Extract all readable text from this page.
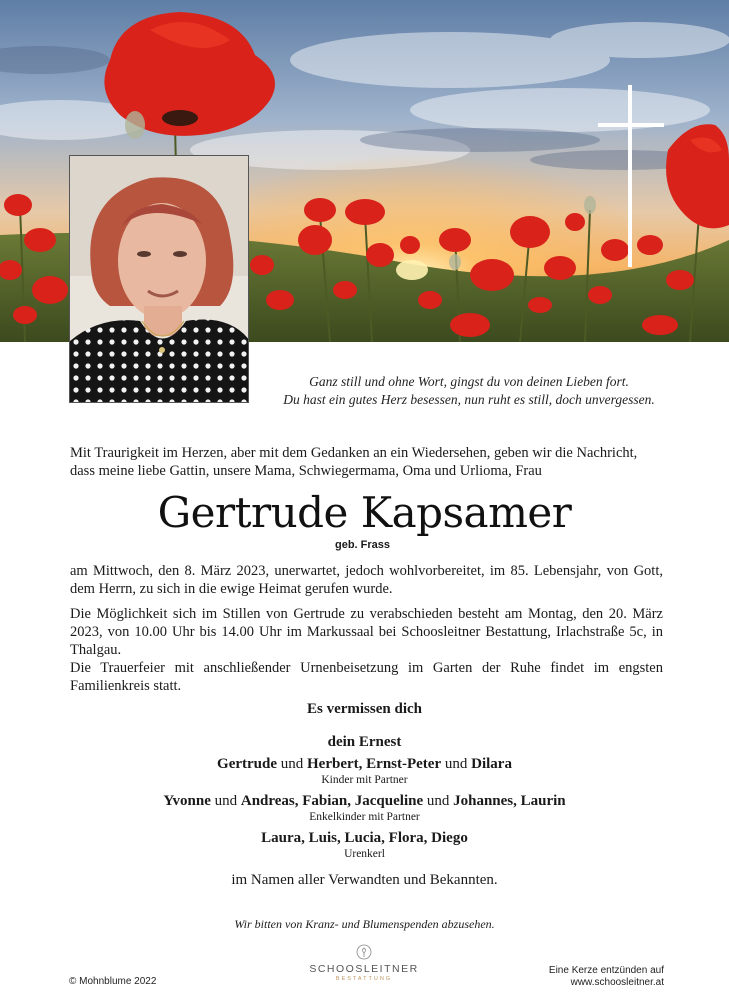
Ganz still und ohne Wort, gingst du von deinen Lieben fort.
Du hast ein gutes Herz besessen, nun ruht es still, doch unvergessen.
Mit Traurigkeit im Herzen, aber mit dem Gedanken an ein Wiedersehen, geben wir die Nachricht,
dass meine liebe Gattin, unsere Mama, Schwiegermama, Oma und Urlioma, Frau
Gertrude Kapsamer
geb. Frass
am Mittwoch, den 8. März 2023, unerwartet, jedoch wohlvorbereitet, im 85. Lebensjahr, von Gott, dem Herrn, zu sich in die ewige Heimat gerufen wurde.
Die Möglichkeit sich im Stillen von Gertrude zu verabschieden besteht am Montag, den 20. März 2023, von 10.00 Uhr bis 14.00 Uhr im Markussaal bei Schoosleitner Bestattung, Irlachstraße 5c, in Thalgau.
Die Trauerfeier mit anschließender Urnenbeisetzung im Garten der Ruhe findet im engsten Familienkreis statt.
Es vermissen dich
dein Ernest
Gertrude und Herbert, Ernst-Peter und Dilara
Kinder mit Partner
Yvonne und Andreas, Fabian, Jacqueline und Johannes, Laurin
Enkelkinder mit Partner
Laura, Luis, Lucia, Flora, Diego
Urenkerl
im Namen aller Verwandten und Bekannten.
Wir bitten von Kranz- und Blumenspenden abzusehen.
© Mohnblume 2022
SCHOOSLEITNER
BESTATTUNG
Eine Kerze entzünden auf
www.schoosleitner.at
